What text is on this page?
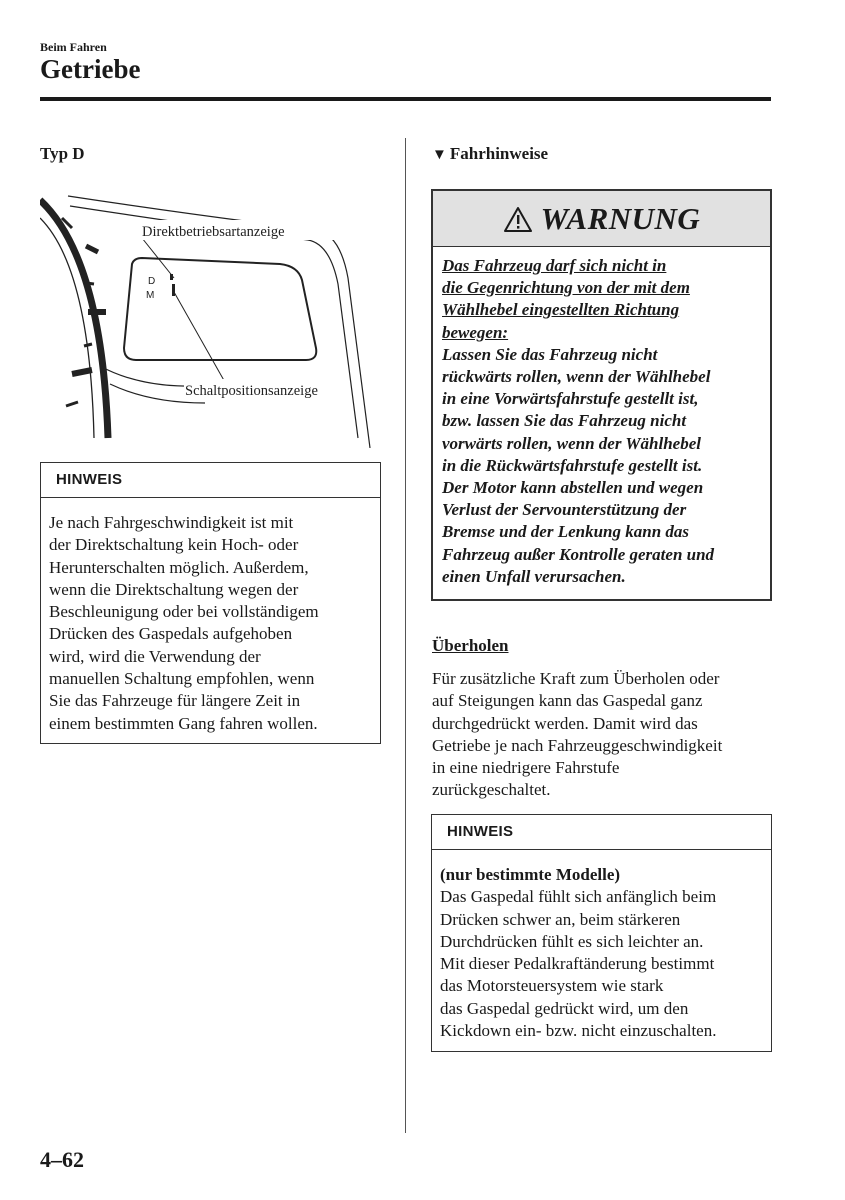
Beim Fahren
Getriebe
Typ D
D
M
Direktbetriebsartanzeige
Schaltpositionsanzeige
HINWEIS
Je nach Fahrgeschwindigkeit ist mit
der Direktschaltung kein Hoch- oder
Herunterschalten möglich. Außerdem,
wenn die Direktschaltung wegen der
Beschleunigung oder bei vollständigem
Drücken des Gaspedals aufgehoben
wird, wird die Verwendung der
manuellen Schaltung empfohlen, wenn
Sie das Fahrzeuge für längere Zeit in
einem bestimmten Gang fahren wollen.
▼ Fahrhinweise
WARNUNG
Das Fahrzeug darf sich nicht in
die Gegenrichtung von der mit dem
Wählhebel eingestellten Richtung
bewegen:
Lassen Sie das Fahrzeug nicht
rückwärts rollen, wenn der Wählhebel
in eine Vorwärtsfahrstufe gestellt ist,
bzw. lassen Sie das Fahrzeug nicht
vorwärts rollen, wenn der Wählhebel
in die Rückwärtsfahrstufe gestellt ist.
Der Motor kann abstellen und wegen
Verlust der Servounterstützung der
Bremse und der Lenkung kann das
Fahrzeug außer Kontrolle geraten und
einen Unfall verursachen.
Überholen
Für zusätzliche Kraft zum Überholen oder
auf Steigungen kann das Gaspedal ganz
durchgedrückt werden. Damit wird das
Getriebe je nach Fahrzeuggeschwindigkeit
in eine niedrigere Fahrstufe
zurückgeschaltet.
HINWEIS
(nur bestimmte Modelle)
Das Gaspedal fühlt sich anfänglich beim
Drücken schwer an, beim stärkeren
Durchdrücken fühlt es sich leichter an.
Mit dieser Pedalkraftänderung bestimmt
das Motorsteuersystem wie stark
das Gaspedal gedrückt wird, um den
Kickdown ein- bzw. nicht einzuschalten.
4–62
